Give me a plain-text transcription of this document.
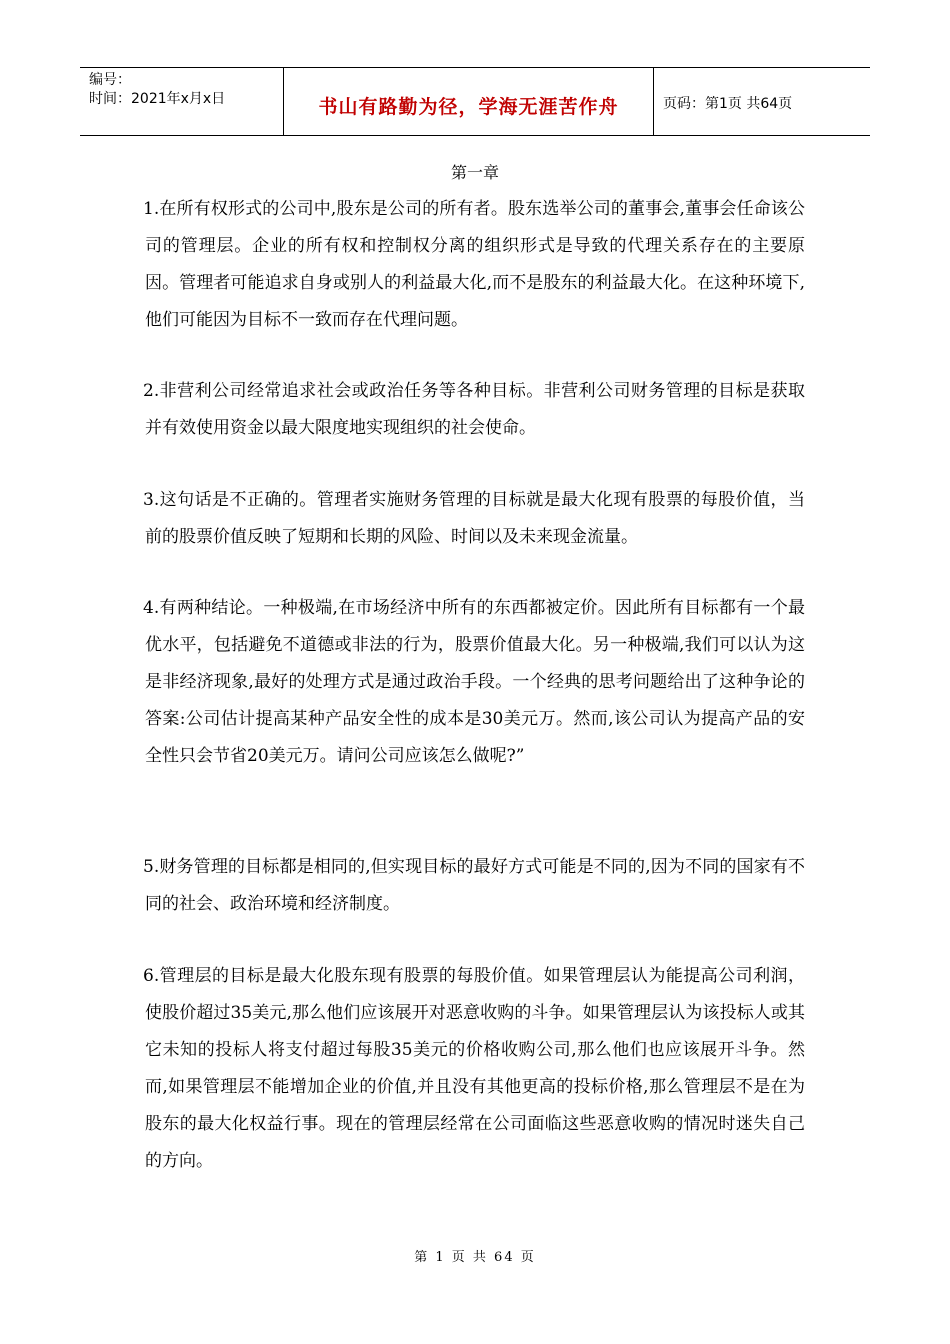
编号：
时间：2021年x月x日	书山有路勤为径，学海无涯苦作舟	页码：第1页 共64页
第一章
1.在所有权形式的公司中,股东是公司的所有者。股东选举公司的董事会,董事会任命该公司的管理层。企业的所有权和控制权分离的组织形式是导致的代理关系存在的主要原因。管理者可能追求自身或别人的利益最大化,而不是股东的利益最大化。在这种环境下,他们可能因为目标不一致而存在代理问题。
2.非营利公司经常追求社会或政治任务等各种目标。非营利公司财务管理的目标是获取并有效使用资金以最大限度地实现组织的社会使命。
3.这句话是不正确的。管理者实施财务管理的目标就是最大化现有股票的每股价值，当前的股票价值反映了短期和长期的风险、时间以及未来现金流量。
4.有两种结论。一种极端,在市场经济中所有的东西都被定价。因此所有目标都有一个最优水平，包括避免不道德或非法的行为，股票价值最大化。另一种极端,我们可以认为这是非经济现象,最好的处理方式是通过政治手段。一个经典的思考问题给出了这种争论的答案:公司估计提高某种产品安全性的成本是30美元万。然而,该公司认为提高产品的安全性只会节省20美元万。请问公司应该怎么做呢?”
5.财务管理的目标都是相同的,但实现目标的最好方式可能是不同的,因为不同的国家有不同的社会、政治环境和经济制度。
6.管理层的目标是最大化股东现有股票的每股价值。如果管理层认为能提高公司利润，使股价超过35美元,那么他们应该展开对恶意收购的斗争。如果管理层认为该投标人或其它未知的投标人将支付超过每股35美元的价格收购公司,那么他们也应该展开斗争。然而,如果管理层不能增加企业的价值,并且没有其他更高的投标价格,那么管理层不是在为股东的最大化权益行事。现在的管理层经常在公司面临这些恶意收购的情况时迷失自己的方向。
第 1 页 共 64 页
